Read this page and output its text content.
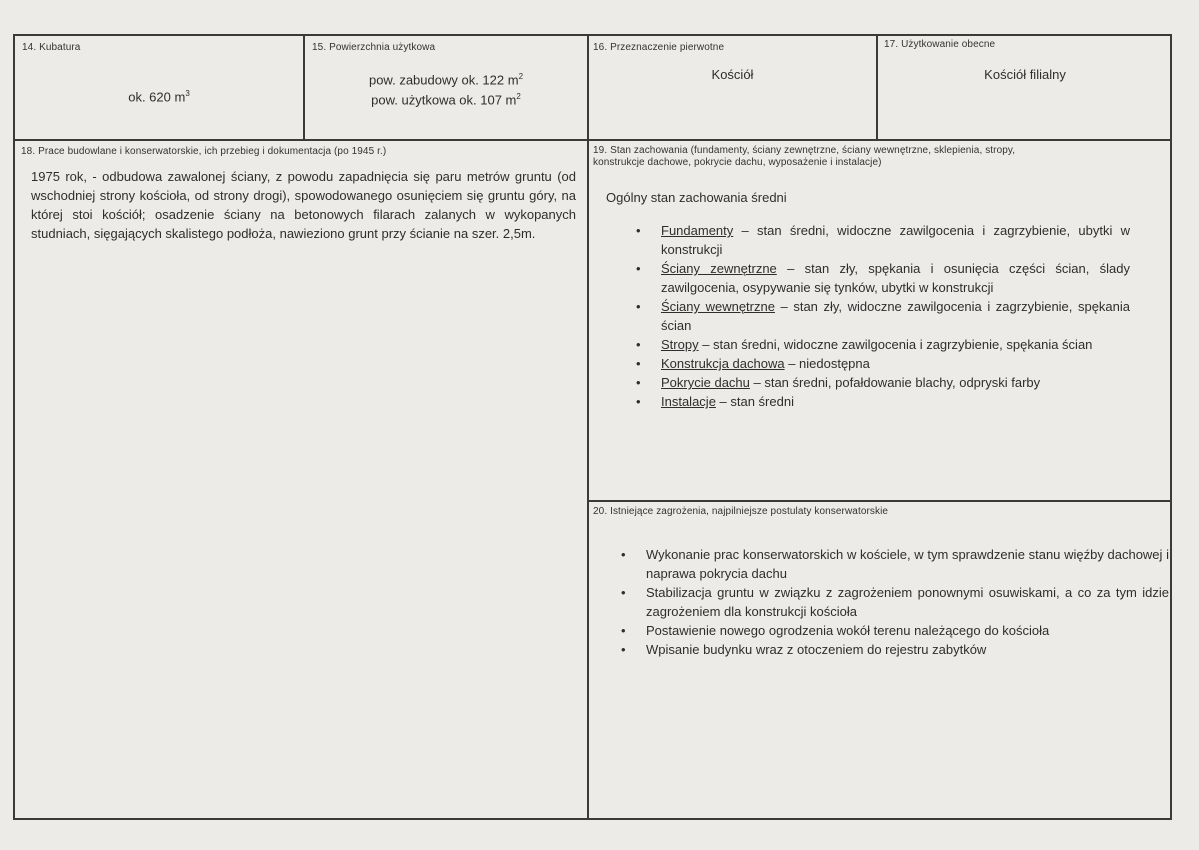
14. Kubatura
ok. 620 $m^3$
15. Powierzchnia użytkowa
pow. zabudowy ok. 122 $m^2$
pow. użytkowa ok. 107 $m^2$
16. Przeznaczenie pierwotne
Kościół
17. Użytkowanie obecne
Kościół filialny
18. Prace budowlane i konserwatorskie, ich przebieg i dokumentacja (po 1945 r.)
1975 rok, - odbudowa zawalonej ściany, z powodu zapadnięcia się paru metrów gruntu (od wschodniej strony kościoła, od strony drogi), spowodowanego osunięciem się gruntu góry, na której stoi kościół; osadzenie ściany na betonowych filarach zalanych w wykopanych studniach, sięgających skalistego podłoża, nawieziono grunt przy ścianie na szer. 2,5m.
19. Stan zachowania (fundamenty, ściany zewnętrzne, ściany wewnętrzne, sklepienia, stropy,
konstrukcje dachowe, pokrycie dachu, wyposażenie i instalacje)
Ogólny stan zachowania średni
• Fundamenty – stan średni, widoczne zawilgocenia i zagrzybienie, ubytki w konstrukcji
• Ściany zewnętrzne – stan zły, spękania i osunięcia części ścian, ślady zawilgocenia, osypywanie się tynków, ubytki w konstrukcji
• Ściany wewnętrzne – stan zły, widoczne zawilgocenia i zagrzybienie, spękania ścian
• Stropy – stan średni, widoczne zawilgocenia i zagrzybienie, spękania ścian
• Konstrukcja dachowa – niedostępna
• Pokrycie dachu – stan średni, pofałdowanie blachy, odpryski farby
• Instalacje – stan średni
20. Istniejące zagrożenia, najpilniejsze postulaty konserwatorskie
• Wykonanie prac konserwatorskich w kościele, w tym sprawdzenie stanu więźby dachowej i naprawa pokrycia dachu
• Stabilizacja gruntu w związku z zagrożeniem ponownymi osuwiskami, a co za tym idzie zagrożeniem dla konstrukcji kościoła
• Postawienie nowego ogrodzenia wokół terenu należącego do kościoła
• Wpisanie budynku wraz z otoczeniem do rejestru zabytków
